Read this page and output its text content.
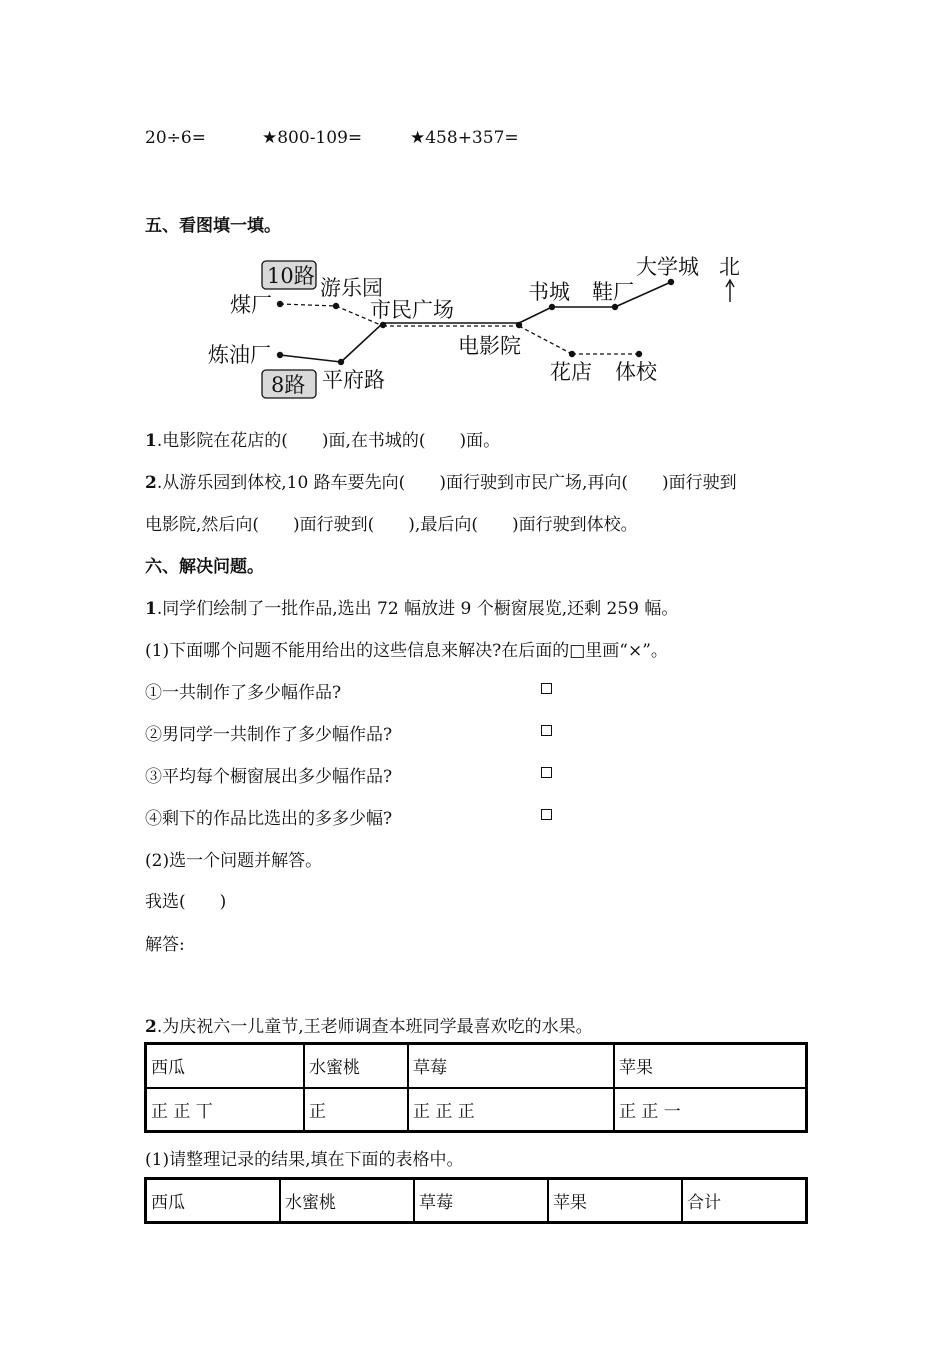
20÷6=	★800-109=	★458+357=
五、看图填一填。
10路
8路
煤厂
游乐园
市民广场
书城 鞋厂
大学城 北
炼油厂
平府路
电影院
花店 体校
1.电影院在花店的(　　)面,在书城的(　　)面。
2.从游乐园到体校,10 路车要先向(　　)面行驶到市民广场,再向(　　)面行驶到
电影院,然后向(　　)面行驶到(　　),最后向(　　)面行驶到体校。
六、解决问题。
1.同学们绘制了一批作品,选出 72 幅放进 9 个橱窗展览,还剩 259 幅。
(1)下面哪个问题不能用给出的这些信息来解决?在后面的□里画“×”。
①一共制作了多少幅作品?
②男同学一共制作了多少幅作品?
③平均每个橱窗展出多少幅作品?
④剩下的作品比选出的多多少幅?
(2)选一个问题并解答。
我选(　　)
解答:
2.为庆祝六一儿童节,王老师调查本班同学最喜欢吃的水果。
西瓜	水蜜桃	草莓	苹果
正 正 丅	正	正 正 正	正 正 一
(1)请整理记录的结果,填在下面的表格中。
西瓜	水蜜桃	草莓	苹果	合计
